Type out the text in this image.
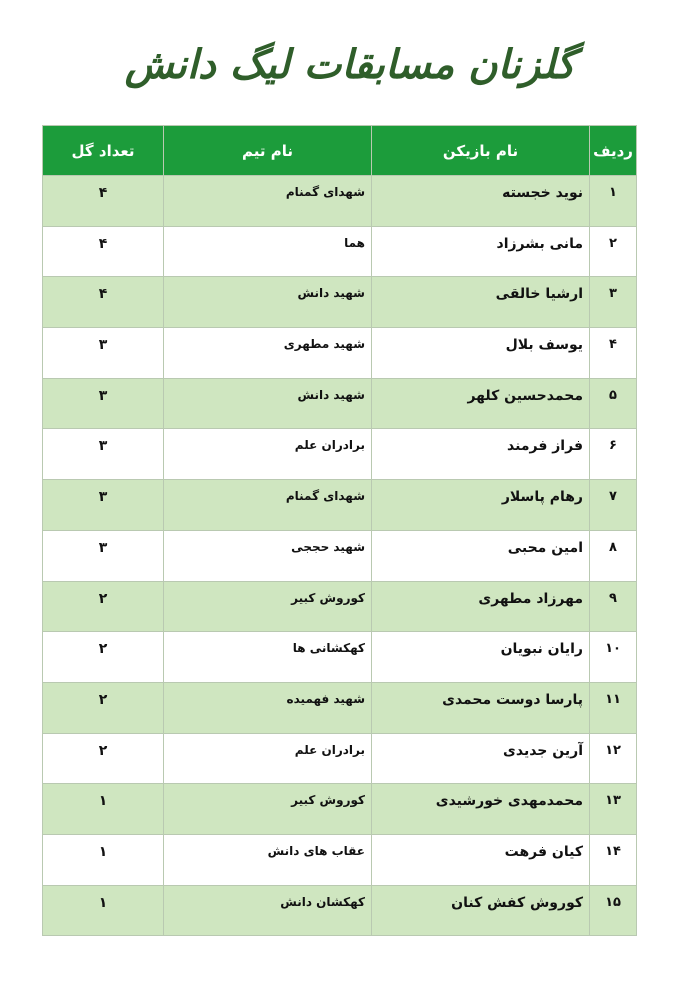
گلزنان مسابقات لیگ دانش
ردیف	نام بازیکن	نام تیم	تعداد گل
۱	نوید خجسته	شهدای گمنام	۴
۲	مانی بشرزاد	هما	۴
۳	ارشیا خالقی	شهید دانش	۴
۴	یوسف بلال	شهید مطهری	۳
۵	محمدحسین کلهر	شهید دانش	۳
۶	فراز فرمند	برادران علم	۳
۷	رهام پاسلار	شهدای گمنام	۳
۸	امین محبی	شهید حججی	۳
۹	مهرزاد مطهری	کوروش کبیر	۲
۱۰	رایان نبویان	کهکشانی ها	۲
۱۱	پارسا دوست محمدی	شهید فهمیده	۲
۱۲	آرین جدیدی	برادران علم	۲
۱۳	محمدمهدی خورشیدی	کوروش کبیر	۱
۱۴	کیان فرهت	عقاب های دانش	۱
۱۵	کوروش کفش کنان	کهکشان دانش	۱
